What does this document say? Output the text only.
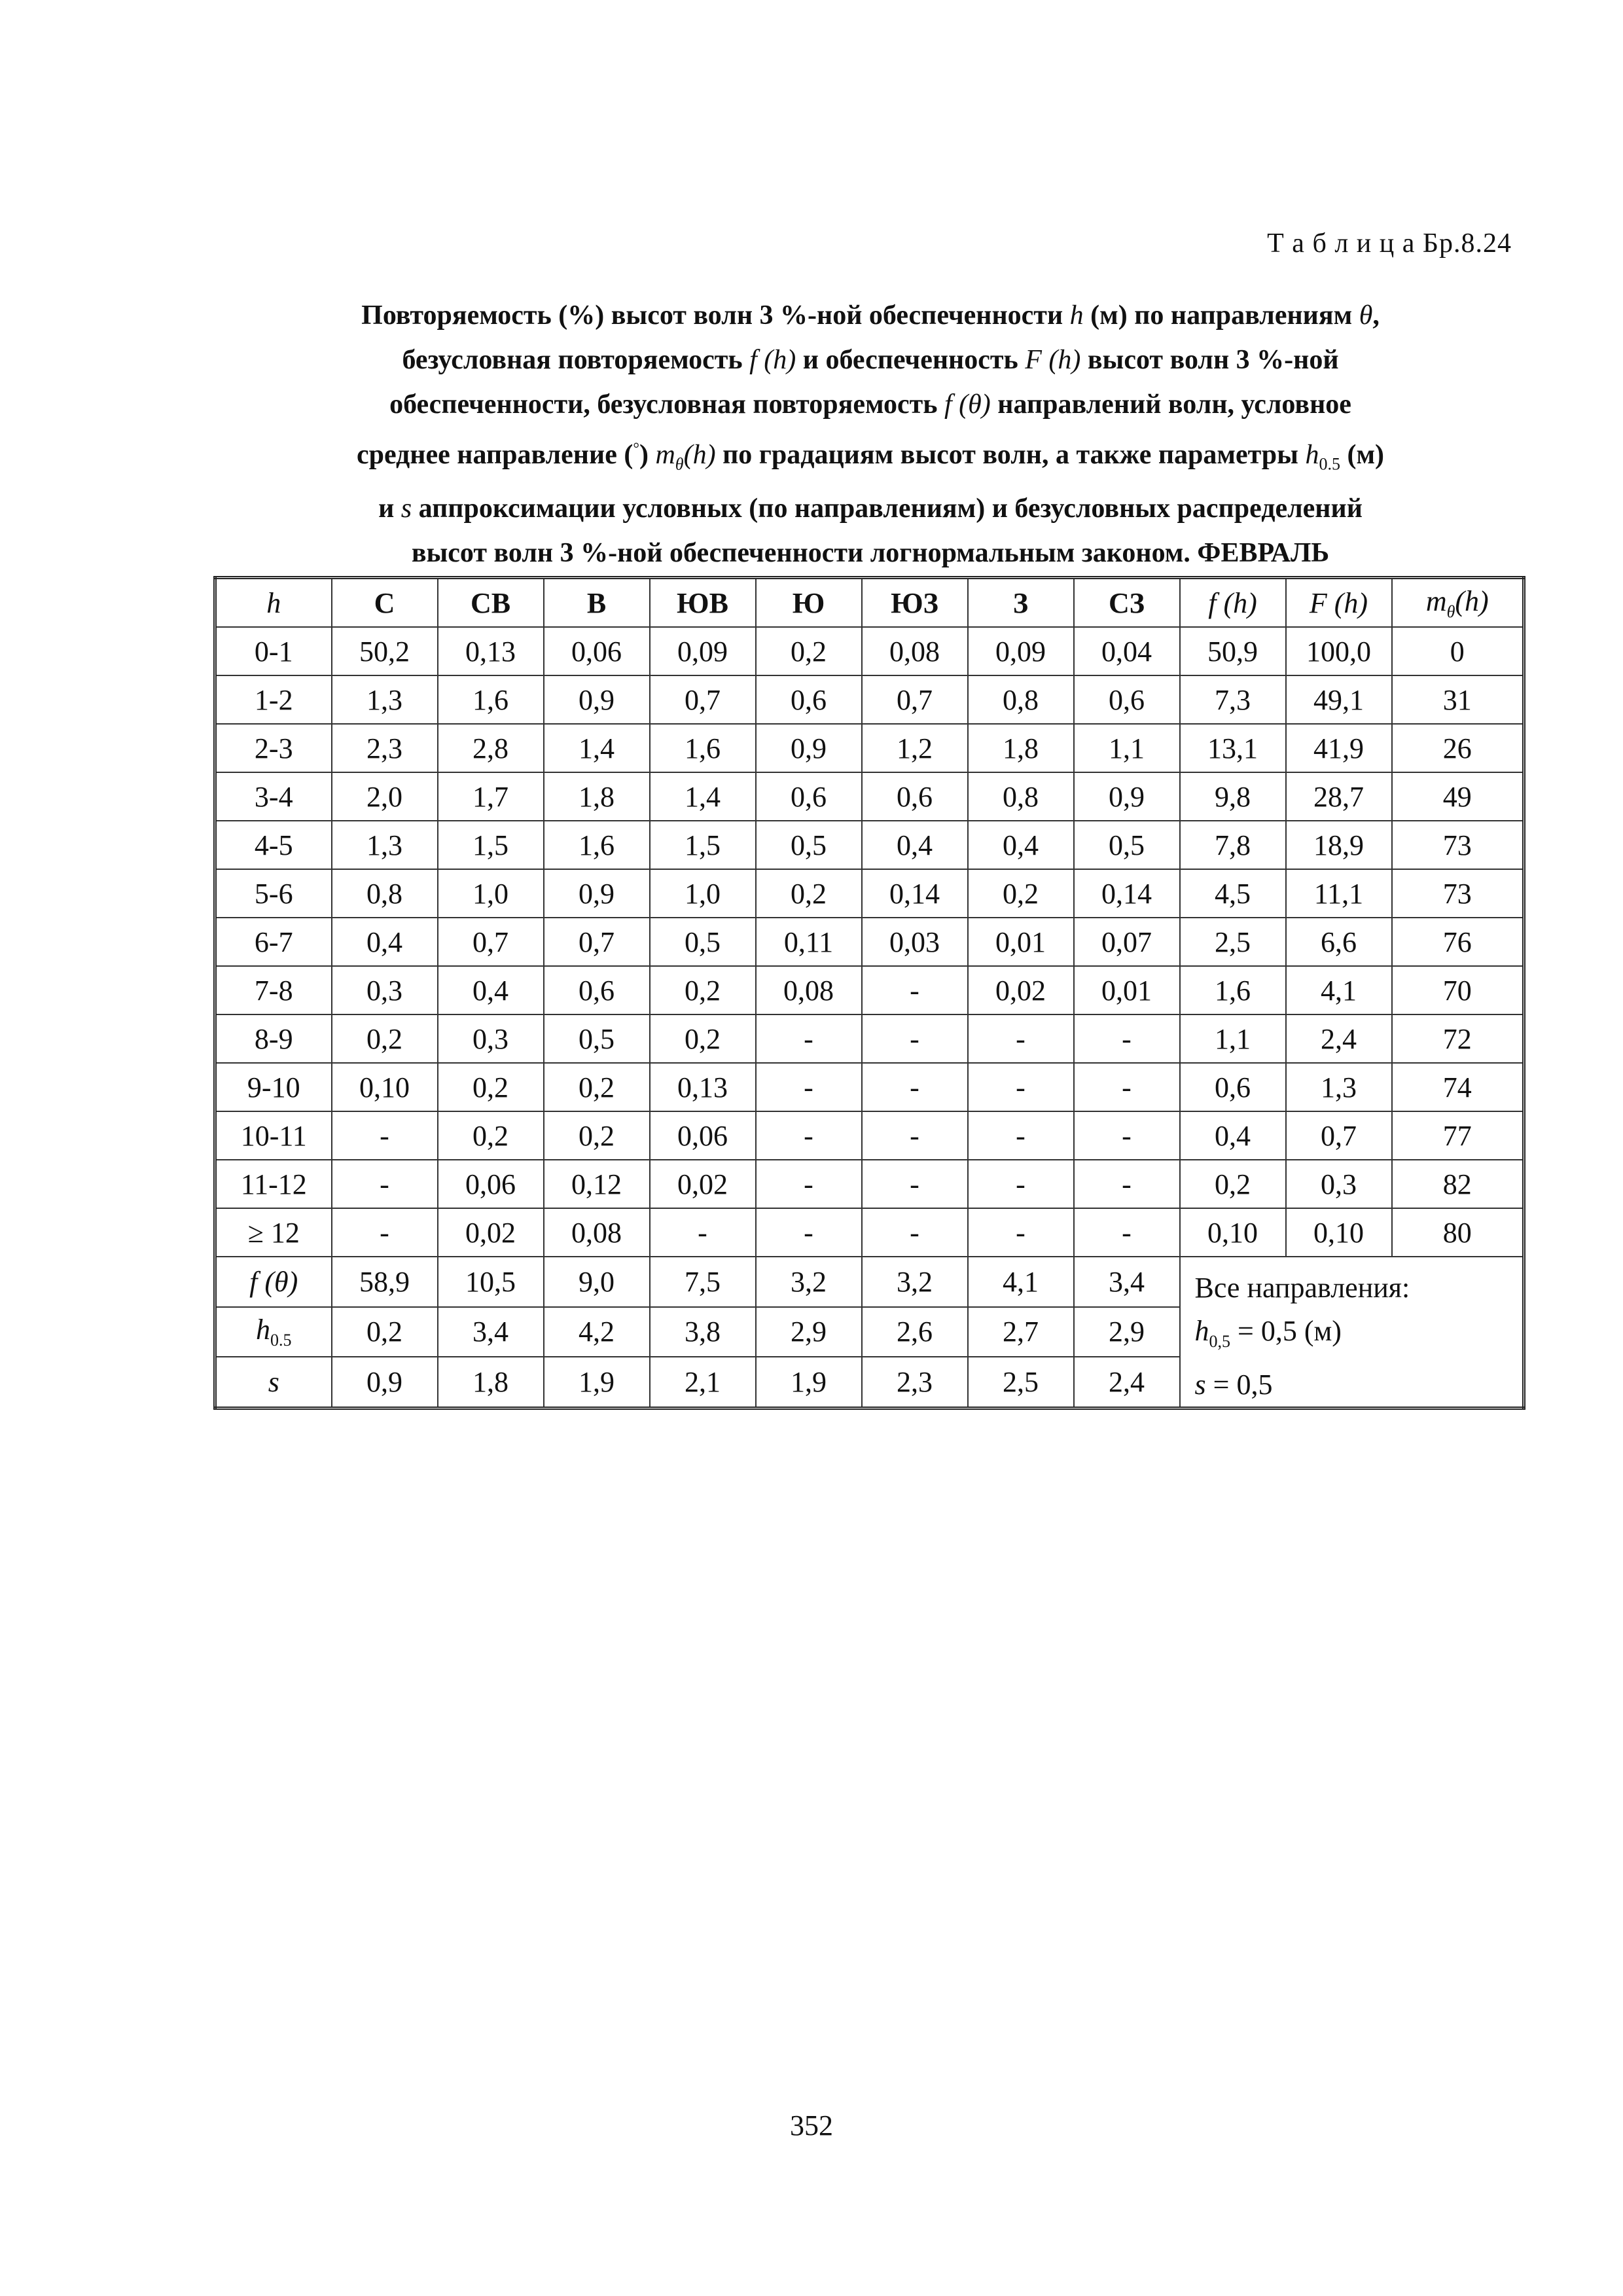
Т а б л и ц а Бр.8.24
Повторяемость (%) высот волн 3 %-ной обеспеченности h (м) по направлениям θ,
безусловная повторяемость f (h) и обеспеченность F (h) высот волн 3 %-ной
обеспеченности, безусловная повторяемость f (θ) направлений волн, условное
среднее направление (°) $m_\theta(h)$ по градациям высот волн, а также параметры $h_{0.5}$ (м)
и s аппроксимации условных (по направлениям) и безусловных распределений
высот волн 3 %-ной обеспеченности логнормальным законом. ФЕВРАЛЬ
h	С	СВ	В	ЮВ	Ю	ЮЗ	З	СЗ	f (h)	F (h)	$m_\theta(h)$
0-1	50,2	0,13	0,06	0,09	0,2	0,08	0,09	0,04	50,9	100,0	0
1-2	1,3	1,6	0,9	0,7	0,6	0,7	0,8	0,6	7,3	49,1	31
2-3	2,3	2,8	1,4	1,6	0,9	1,2	1,8	1,1	13,1	41,9	26
3-4	2,0	1,7	1,8	1,4	0,6	0,6	0,8	0,9	9,8	28,7	49
4-5	1,3	1,5	1,6	1,5	0,5	0,4	0,4	0,5	7,8	18,9	73
5-6	0,8	1,0	0,9	1,0	0,2	0,14	0,2	0,14	4,5	11,1	73
6-7	0,4	0,7	0,7	0,5	0,11	0,03	0,01	0,07	2,5	6,6	76
7-8	0,3	0,4	0,6	0,2	0,08	-	0,02	0,01	1,6	4,1	70
8-9	0,2	0,3	0,5	0,2	-	-	-	-	1,1	2,4	72
9-10	0,10	0,2	0,2	0,13	-	-	-	-	0,6	1,3	74
10-11	-	0,2	0,2	0,06	-	-	-	-	0,4	0,7	77
11-12	-	0,06	0,12	0,02	-	-	-	-	0,2	0,3	82
≥ 12	-	0,02	0,08	-	-	-	-	-	0,10	0,10	80
f (θ)	58,9	10,5	9,0	7,5	3,2	3,2	4,1	3,4	Все направления:
$h_{0,5} = 0,5$ (м)
s = 0,5		

$h_{0.5}$	0,2	3,4	4,2	3,8	2,9	2,6	2,7	2,9			
s	0,9	1,8	1,9	2,1	1,9	2,3	2,5	2,4			
352
